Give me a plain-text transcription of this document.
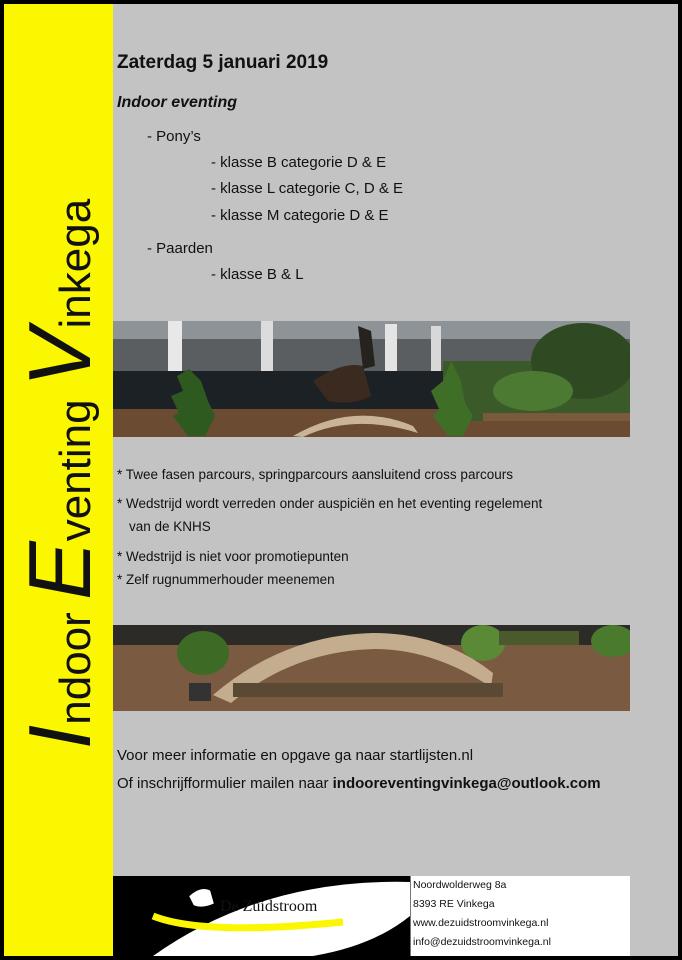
Indoor Eventing Vinkega
Zaterdag 5 januari 2019
Indoor eventing
- Pony’s
- klasse B categorie D & E
- klasse L categorie C, D & E
- klasse M categorie D & E
- Paarden
- klasse B & L
* Twee fasen parcours, springparcours aansluitend cross parcours
* Wedstrijd wordt verreden onder auspiciën en het eventing regelement
van de KNHS
* Wedstrijd is niet voor promotiepunten
* Zelf rugnummerhouder meenemen
Voor meer informatie en opgave ga naar startlijsten.nl
Of inschrijfformulier mailen naar indooreventingvinkega@outlook.com
De Zuidstroom
Noordwolderweg 8a
8393 RE Vinkega
www.dezuidstroomvinkega.nl
info@dezuidstroomvinkega.nl
